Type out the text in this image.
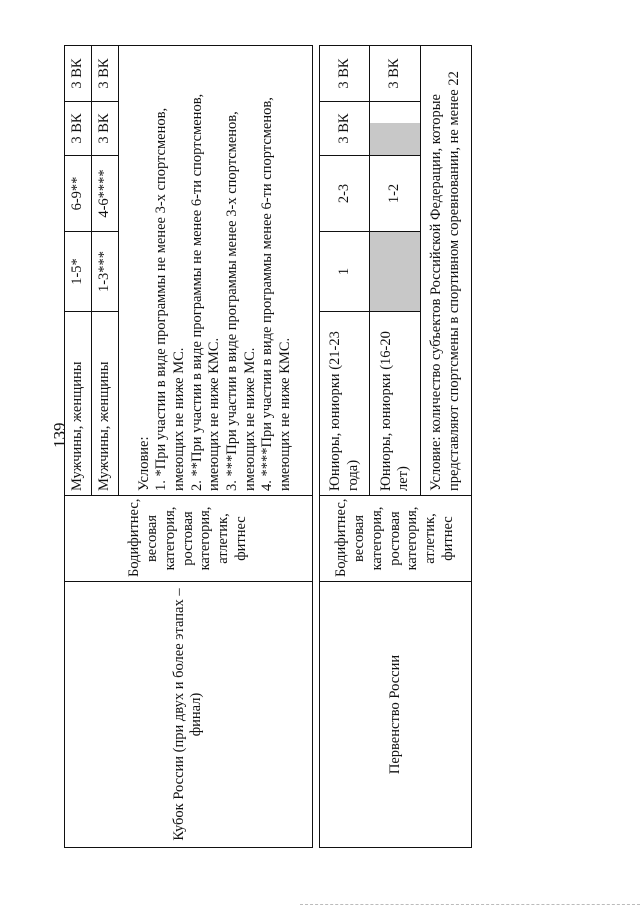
139
Кубок России (при двух и более этапах – финал)	Бодифитнес, весовая категория, ростовая категория, атлетик, фитнес	Мужчины, женщины	1-5*	6-9**	3 ВК	3 ВК
		Мужчины, женщины	1-3***	4-6****	3 ВК	3 ВК

		Условие: 1. *При участии в виде программы не менее 3-х спортсменов, имеющих не ниже МС. 2. **При участии в виде программы не менее 6-ти спортсменов, имеющих не ниже КМС. 3. ***При участии в виде программы менее 3-х спортсменов, имеющих не ниже МС. 4. ****При участии в виде программы менее 6-ти спортсменов, имеющих не ниже КМС.				

Первенство России	Бодифитнес, весовая категория, ростовая категория, атлетик, фитнес	Юниоры, юниорки (21-23 года)	1	2-3	3 ВК	3 ВК
		Юниоры, юниорки (16-20 лет)		1-2		3 ВК

		Условие: количество субъектов Российской Федерации, которые представляют спортсмены в спортивном соревновании, не менее 22				
